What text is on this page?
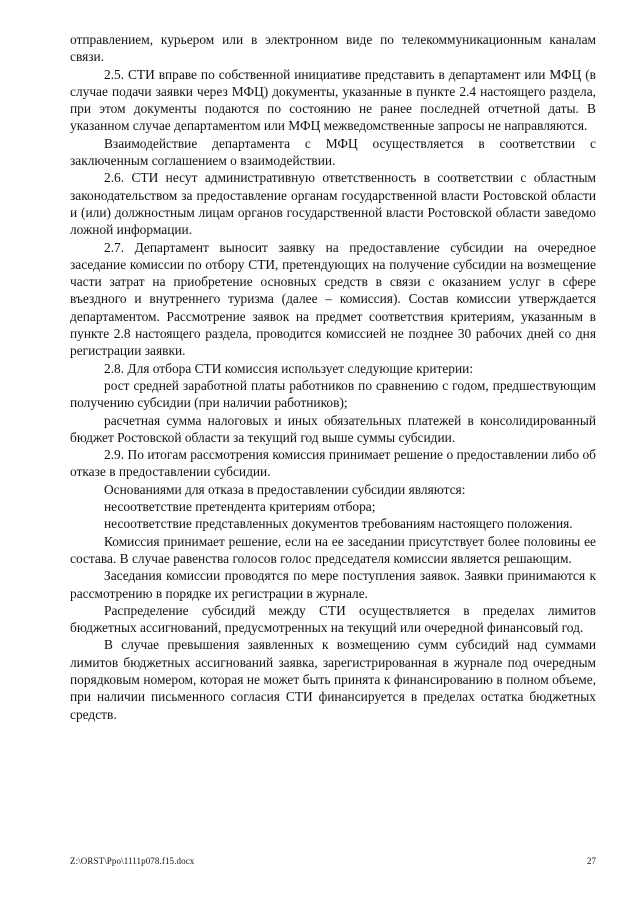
отправлением, курьером или в электронном виде по телекоммуникационным каналам связи.

2.5. СТИ вправе по собственной инициативе представить в департамент или МФЦ (в случае подачи заявки через МФЦ) документы, указанные в пункте 2.4 настоящего раздела, при этом документы подаются по состоянию не ранее последней отчетной даты. В указанном случае департаментом или МФЦ межведомственные запросы не направляются.

Взаимодействие департамента с МФЦ осуществляется в соответствии с заключенным соглашением о взаимодействии.

2.6. СТИ несут административную ответственность в соответствии с областным законодательством за предоставление органам государственной власти Ростовской области и (или) должностным лицам органов государственной власти Ростовской области заведомо ложной информации.

2.7. Департамент выносит заявку на предоставление субсидии на очередное заседание комиссии по отбору СТИ, претендующих на получение субсидии на возмещение части затрат на приобретение основных средств в связи с оказанием услуг в сфере въездного и внутреннего туризма (далее – комиссия). Состав комиссии утверждается департаментом. Рассмотрение заявок на предмет соответствия критериям, указанным в пункте 2.8 настоящего раздела, проводится комиссией не позднее 30 рабочих дней со дня регистрации заявки.

2.8. Для отбора СТИ комиссия использует следующие критерии:

рост средней заработной платы работников по сравнению с годом, предшествующим получению субсидии (при наличии работников);

расчетная сумма налоговых и иных обязательных платежей в консолидированный бюджет Ростовской области за текущий год выше суммы субсидии.

2.9. По итогам рассмотрения комиссия принимает решение о предоставлении либо об отказе в предоставлении субсидии.

Основаниями для отказа в предоставлении субсидии являются:

несоответствие претендента критериям отбора;

несоответствие представленных документов требованиям настоящего положения.

Комиссия принимает решение, если на ее заседании присутствует более половины ее состава. В случае равенства голосов голос председателя комиссии является решающим.

Заседания комиссии проводятся по мере поступления заявок. Заявки принимаются к рассмотрению в порядке их регистрации в журнале.

Распределение субсидий между СТИ осуществляется в пределах лимитов бюджетных ассигнований, предусмотренных на текущий или очередной финансовый год.

В случае превышения заявленных к возмещению сумм субсидий над суммами лимитов бюджетных ассигнований заявка, зарегистрированная в журнале под очередным порядковым номером, которая не может быть принята к финансированию в полном объеме, при наличии письменного согласия СТИ финансируется в пределах остатка бюджетных средств.

Z:\ORST\Ppo\1111p078.f15.docx	27
